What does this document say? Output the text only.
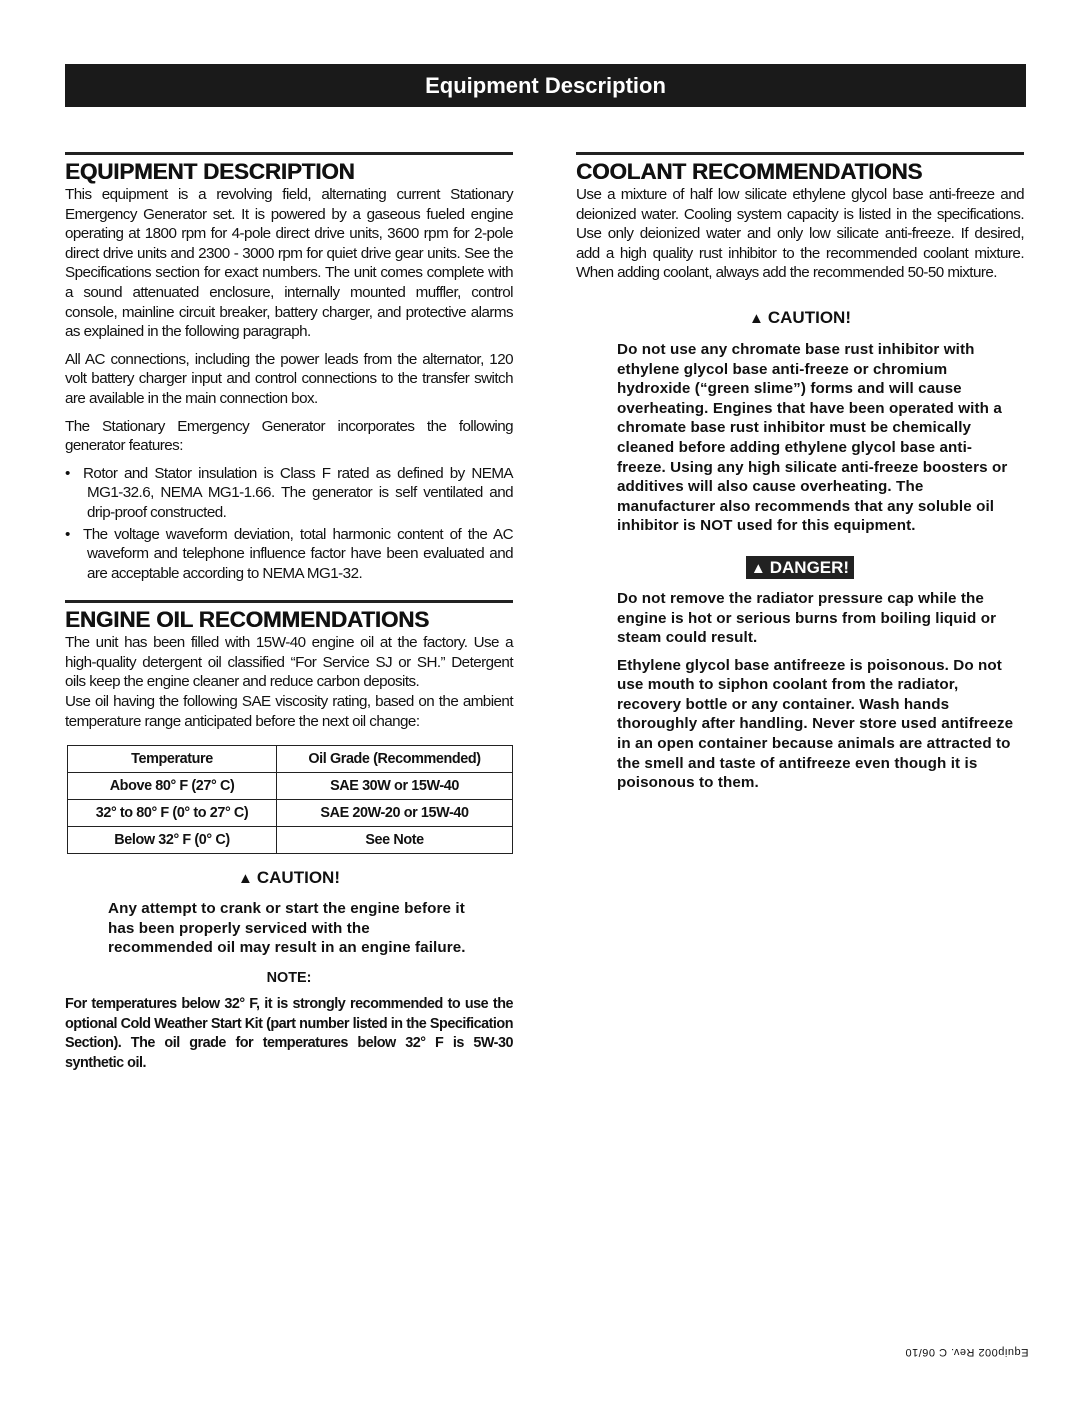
Equipment Description
EQUIPMENT DESCRIPTION

This equipment is a revolving field, alternating current Stationary Emergency Generator set. It is powered by a gaseous fueled engine operating at 1800 rpm for 4-pole direct drive units, 3600 rpm for 2-pole direct drive units and 2300 - 3000 rpm for quiet drive gear units. See the Specifications section for exact numbers. The unit comes complete with a sound attenuated enclosure, internally mounted muffler, control console, mainline circuit breaker, battery charger, and protective alarms as explained in the following paragraph.

All AC connections, including the power leads from the alternator, 120 volt battery charger input and control connections to the transfer switch are available in the main connection box.

The Stationary Emergency Generator incorporates the following generator features:

• Rotor and Stator insulation is Class F rated as defined by NEMA MG1-32.6, NEMA MG1-1.66. The generator is self ventilated and drip-proof constructed.
• The voltage waveform deviation, total harmonic content of the AC waveform and telephone influence factor have been evaluated and are acceptable according to NEMA MG1-32.
ENGINE OIL RECOMMENDATIONS

The unit has been filled with 15W-40 engine oil at the factory. Use a high-quality detergent oil classified “For Service SJ or SH.” Detergent oils keep the engine cleaner and reduce carbon deposits.

Use oil having the following SAE viscosity rating, based on the ambient temperature range anticipated before the next oil change:

Temperature	Oil Grade (Recommended)
Above 80° F (27° C)	SAE 30W or 15W-40
32° to 80° F (0° to 27° C)	SAE 20W-20 or 15W-40
Below 32° F (0° C)	See Note
▲ CAUTION!

Any attempt to crank or start the engine before it has been properly serviced with the recommended oil may result in an engine failure.

NOTE:

For temperatures below 32° F, it is strongly recommended to use the optional Cold Weather Start Kit (part number listed in the Specification Section). The oil grade for temperatures below 32° F is 5W-30 synthetic oil.

COOLANT RECOMMENDATIONS

Use a mixture of half low silicate ethylene glycol base anti-freeze and deionized water. Cooling system capacity is listed in the specifications. Use only deionized water and only low silicate anti-freeze. If desired, add a high quality rust inhibitor to the recommended coolant mixture. When adding coolant, always add the recommended 50-50 mixture.

▲ CAUTION!

Do not use any chromate base rust inhibitor with ethylene glycol base anti-freeze or chromium hydroxide (“green slime”) forms and will cause overheating. Engines that have been operated with a chromate base rust inhibitor must be chemically cleaned before adding ethylene glycol base anti-freeze. Using any high silicate anti-freeze boosters or additives will also cause overheating. The manufacturer also recommends that any soluble oil inhibitor is NOT used for this equipment.

▲ DANGER!

Do not remove the radiator pressure cap while the engine is hot or serious burns from boiling liquid or steam could result.

Ethylene glycol base antifreeze is poisonous. Do not use mouth to siphon coolant from the radiator, recovery bottle or any container. Wash hands thoroughly after handling. Never store used antifreeze in an open container because animals are attracted to the smell and taste of antifreeze even though it is poisonous to them.

Equip002 Rev. C 06/10
